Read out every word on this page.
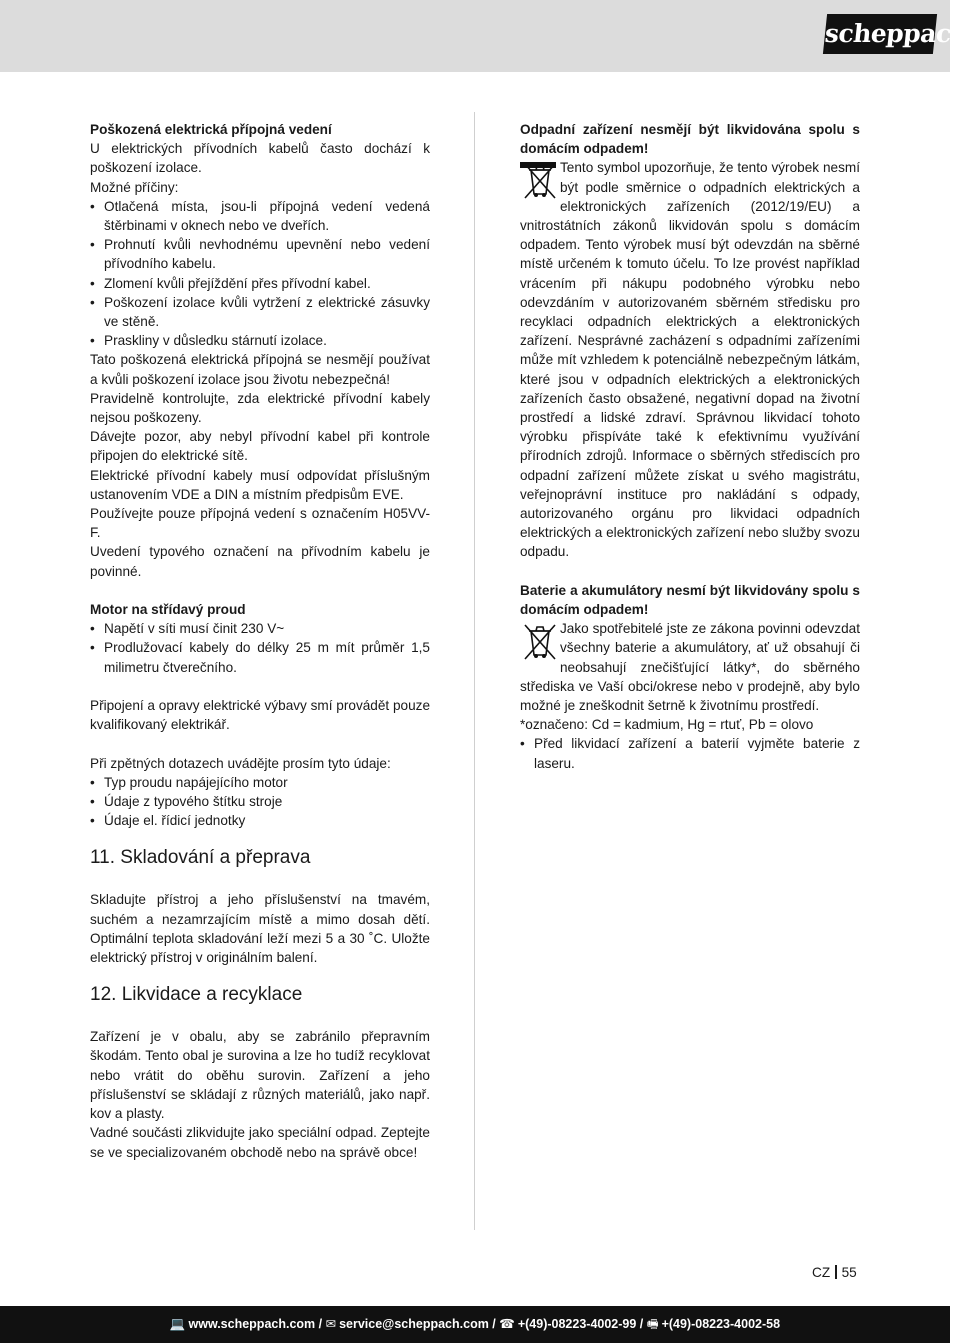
scheppach

Poškozená elektrická přípojná vedení

U elektrických přívodních kabelů často dochází k poškození izolace.

Možné příčiny:

• Otlačená místa, jsou-li přípojná vedení vedená štěrbinami v oknech nebo ve dveřích.
• Prohnutí kvůli nevhodnému upevnění nebo vedení přívodního kabelu.
• Zlomení kvůli přejíždění přes přívodní kabel.
• Poškození izolace kvůli vytržení z elektrické zásuvky ve stěně.
• Praskliny v důsledku stárnutí izolace.

Tato poškozená elektrická přípojná se nesmějí používat a kvůli poškození izolace jsou životu nebezpečná!

Pravidelně kontrolujte, zda elektrické přívodní kabely nejsou poškozeny.

Dávejte pozor, aby nebyl přívodní kabel při kontrole připojen do elektrické sítě.

Elektrické přívodní kabely musí odpovídat příslušným ustanovením VDE a DIN a místním předpisům EVE.

Používejte pouze přípojná vedení s označením H05VV-F.

Uvedení typového označení na přívodním kabelu je povinné.

Motor na střídavý proud

• Napětí v síti musí činit 230 V~
• Prodlužovací kabely do délky 25 m mít průměr 1,5 milimetru čtverečního.

Připojení a opravy elektrické výbavy smí provádět pouze kvalifikovaný elektrikář.

Při zpětných dotazech uvádějte prosím tyto údaje:

• Typ proudu napájejícího motor
• Údaje z typového štítku stroje
• Údaje el. řídicí jednotky
11. Skladování a přeprava

Skladujte přístroj a jeho příslušenství na tmavém, suchém a nezamrzajícím místě a mimo dosah dětí. Optimální teplota skladování leží mezi 5 a 30 ˚C. Uložte elektrický přístroj v originálním balení.

12. Likvidace a recyklace

Zařízení je v obalu, aby se zabránilo přepravním škodám. Tento obal je surovina a lze ho tudíž recyklovat nebo vrátit do oběhu surovin. Zařízení a jeho příslušenství se skládají z různých materiálů, jako např. kov a plasty.

Vadné součásti zlikvidujte jako speciální odpad. Zeptejte se ve specializovaném obchodě nebo na správě obce!

Odpadní zařízení nesmějí být likvidována spolu s domácím odpadem!

Tento symbol upozorňuje, že tento výrobek nesmí být podle směrnice o odpadních elektrických a elektronických zařízeních (2012/19/EU) a vnitrostátních zákonů likvidován spolu s domácím odpadem. Tento výrobek musí být odevzdán na sběrné místě určeném k tomuto účelu. To lze provést například vrácením při nákupu podobného výrobku nebo odevzdáním v autorizovaném sběrném středisku pro recyklaci odpadních elektrických a elektronických zařízení. Nesprávné zacházení s odpadními zařízeními může mít vzhledem k potenciálně nebezpečným látkám, které jsou v odpadních elektrických a elektronických zařízeních často obsažené, negativní dopad na životní prostředí a lidské zdraví. Správnou likvidací tohoto výrobku přispíváte také k efektivnímu využívání přírodních zdrojů. Informace o sběrných střediscích pro odpadní zařízení můžete získat u svého magistrátu, veřejnoprávní instituce pro nakládání s odpady, autorizovaného orgánu pro likvidaci odpadních elektrických a elektronických zařízení nebo služby svozu odpadu.

Baterie a akumulátory nesmí být likvidovány spolu s domácím odpadem!

Jako spotřebitelé jste ze zákona povinni odevzdat všechny baterie a akumulátory, ať už obsahují či neobsahují znečišťující látky*, do sběrného střediska ve Vaší obci/okrese nebo v prodejně, aby bylo možné je zneškodnit šetrně k životnímu prostředí.

*označeno: Cd = kadmium, Hg = rtuť, Pb = olovo

• Před likvidací zařízení a baterií vyjměte baterie z laseru.
CZ 55
💻 www.scheppach.com / ✉ service@scheppach.com / ☎ +(49)-08223-4002-99 / 🖷 +(49)-08223-4002-58
